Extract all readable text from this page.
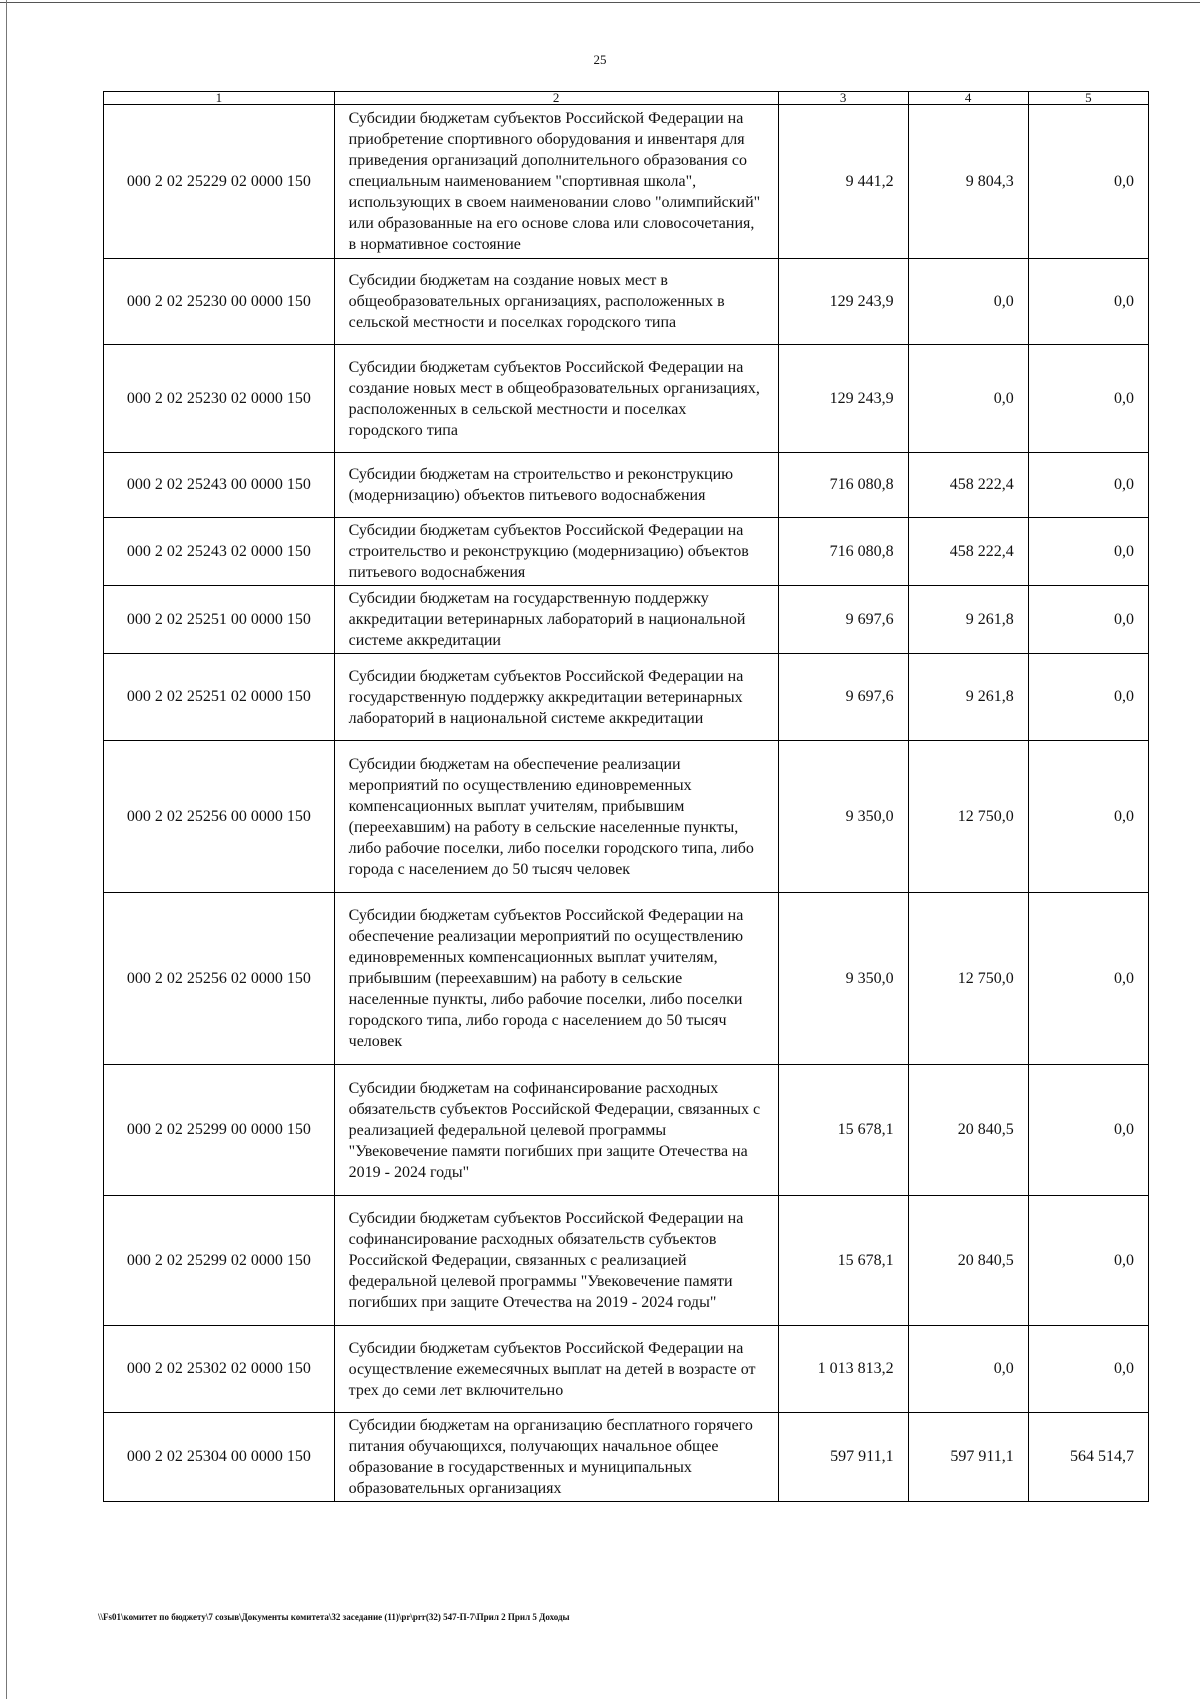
25
1	2	3	4	5
000 2 02 25229 02 0000 150	Субсидии бюджетам субъектов Российской Федерации на приобретение спортивного оборудования и инвентаря для приведения организаций дополнительного образования со специальным наименованием "спортивная школа", использующих в своем наименовании слово "олимпийский" или образованные на его основе слова или словосочетания, в нормативное состояние	9 441,2	9 804,3	0,0
000 2 02 25230 00 0000 150	Субсидии бюджетам на создание новых мест в общеобразовательных организациях, расположенных в сельской местности и поселках городского типа	129 243,9	0,0	0,0
000 2 02 25230 02 0000 150	Субсидии бюджетам субъектов Российской Федерации на создание новых мест в общеобразовательных организациях, расположенных в сельской местности и поселках городского типа	129 243,9	0,0	0,0
000 2 02 25243 00 0000 150	Субсидии бюджетам на строительство и реконструкцию (модернизацию) объектов питьевого водоснабжения	716 080,8	458 222,4	0,0
000 2 02 25243 02 0000 150	Субсидии бюджетам субъектов Российской Федерации на строительство и реконструкцию (модернизацию) объектов питьевого водоснабжения	716 080,8	458 222,4	0,0
000 2 02 25251 00 0000 150	Субсидии бюджетам на государственную поддержку аккредитации ветеринарных лабораторий в национальной системе аккредитации	9 697,6	9 261,8	0,0
000 2 02 25251 02 0000 150	Субсидии бюджетам субъектов Российской Федерации на государственную поддержку аккредитации ветеринарных лабораторий в национальной системе аккредитации	9 697,6	9 261,8	0,0
000 2 02 25256 00 0000 150	Субсидии бюджетам на обеспечение реализации мероприятий по осуществлению единовременных компенсационных выплат учителям, прибывшим (переехавшим) на работу в сельские населенные пункты, либо рабочие поселки, либо поселки городского типа, либо города с населением до 50 тысяч человек	9 350,0	12 750,0	0,0
000 2 02 25256 02 0000 150	Субсидии бюджетам субъектов Российской Федерации на обеспечение реализации мероприятий по осуществлению единовременных компенсационных выплат учителям, прибывшим (переехавшим) на работу в сельские населенные пункты, либо рабочие поселки, либо поселки городского типа, либо города с населением до 50 тысяч человек	9 350,0	12 750,0	0,0
000 2 02 25299 00 0000 150	Субсидии бюджетам на софинансирование расходных обязательств субъектов Российской Федерации, связанных с реализацией федеральной целевой программы "Увековечение памяти погибших при защите Отечества на 2019 - 2024 годы"	15 678,1	20 840,5	0,0
000 2 02 25299 02 0000 150	Субсидии бюджетам субъектов Российской Федерации на софинансирование расходных обязательств субъектов Российской Федерации, связанных с реализацией федеральной целевой программы "Увековечение памяти погибших при защите Отечества на 2019 - 2024 годы"	15 678,1	20 840,5	0,0
000 2 02 25302 02 0000 150	Субсидии бюджетам субъектов Российской Федерации на осуществление ежемесячных выплат на детей в возрасте от трех до семи лет включительно	1 013 813,2	0,0	0,0
000 2 02 25304 00 0000 150	Субсидии бюджетам на организацию бесплатного горячего питания обучающихся, получающих начальное общее образование в государственных и муниципальных образовательных организациях	597 911,1	597 911,1	564 514,7
\\Fs01\комитет по бюджету\7 созыв\Документы комитета\32 заседание (11)\pr\prr(32) 547-П-7\Прил 2 Прил 5 Доходы
